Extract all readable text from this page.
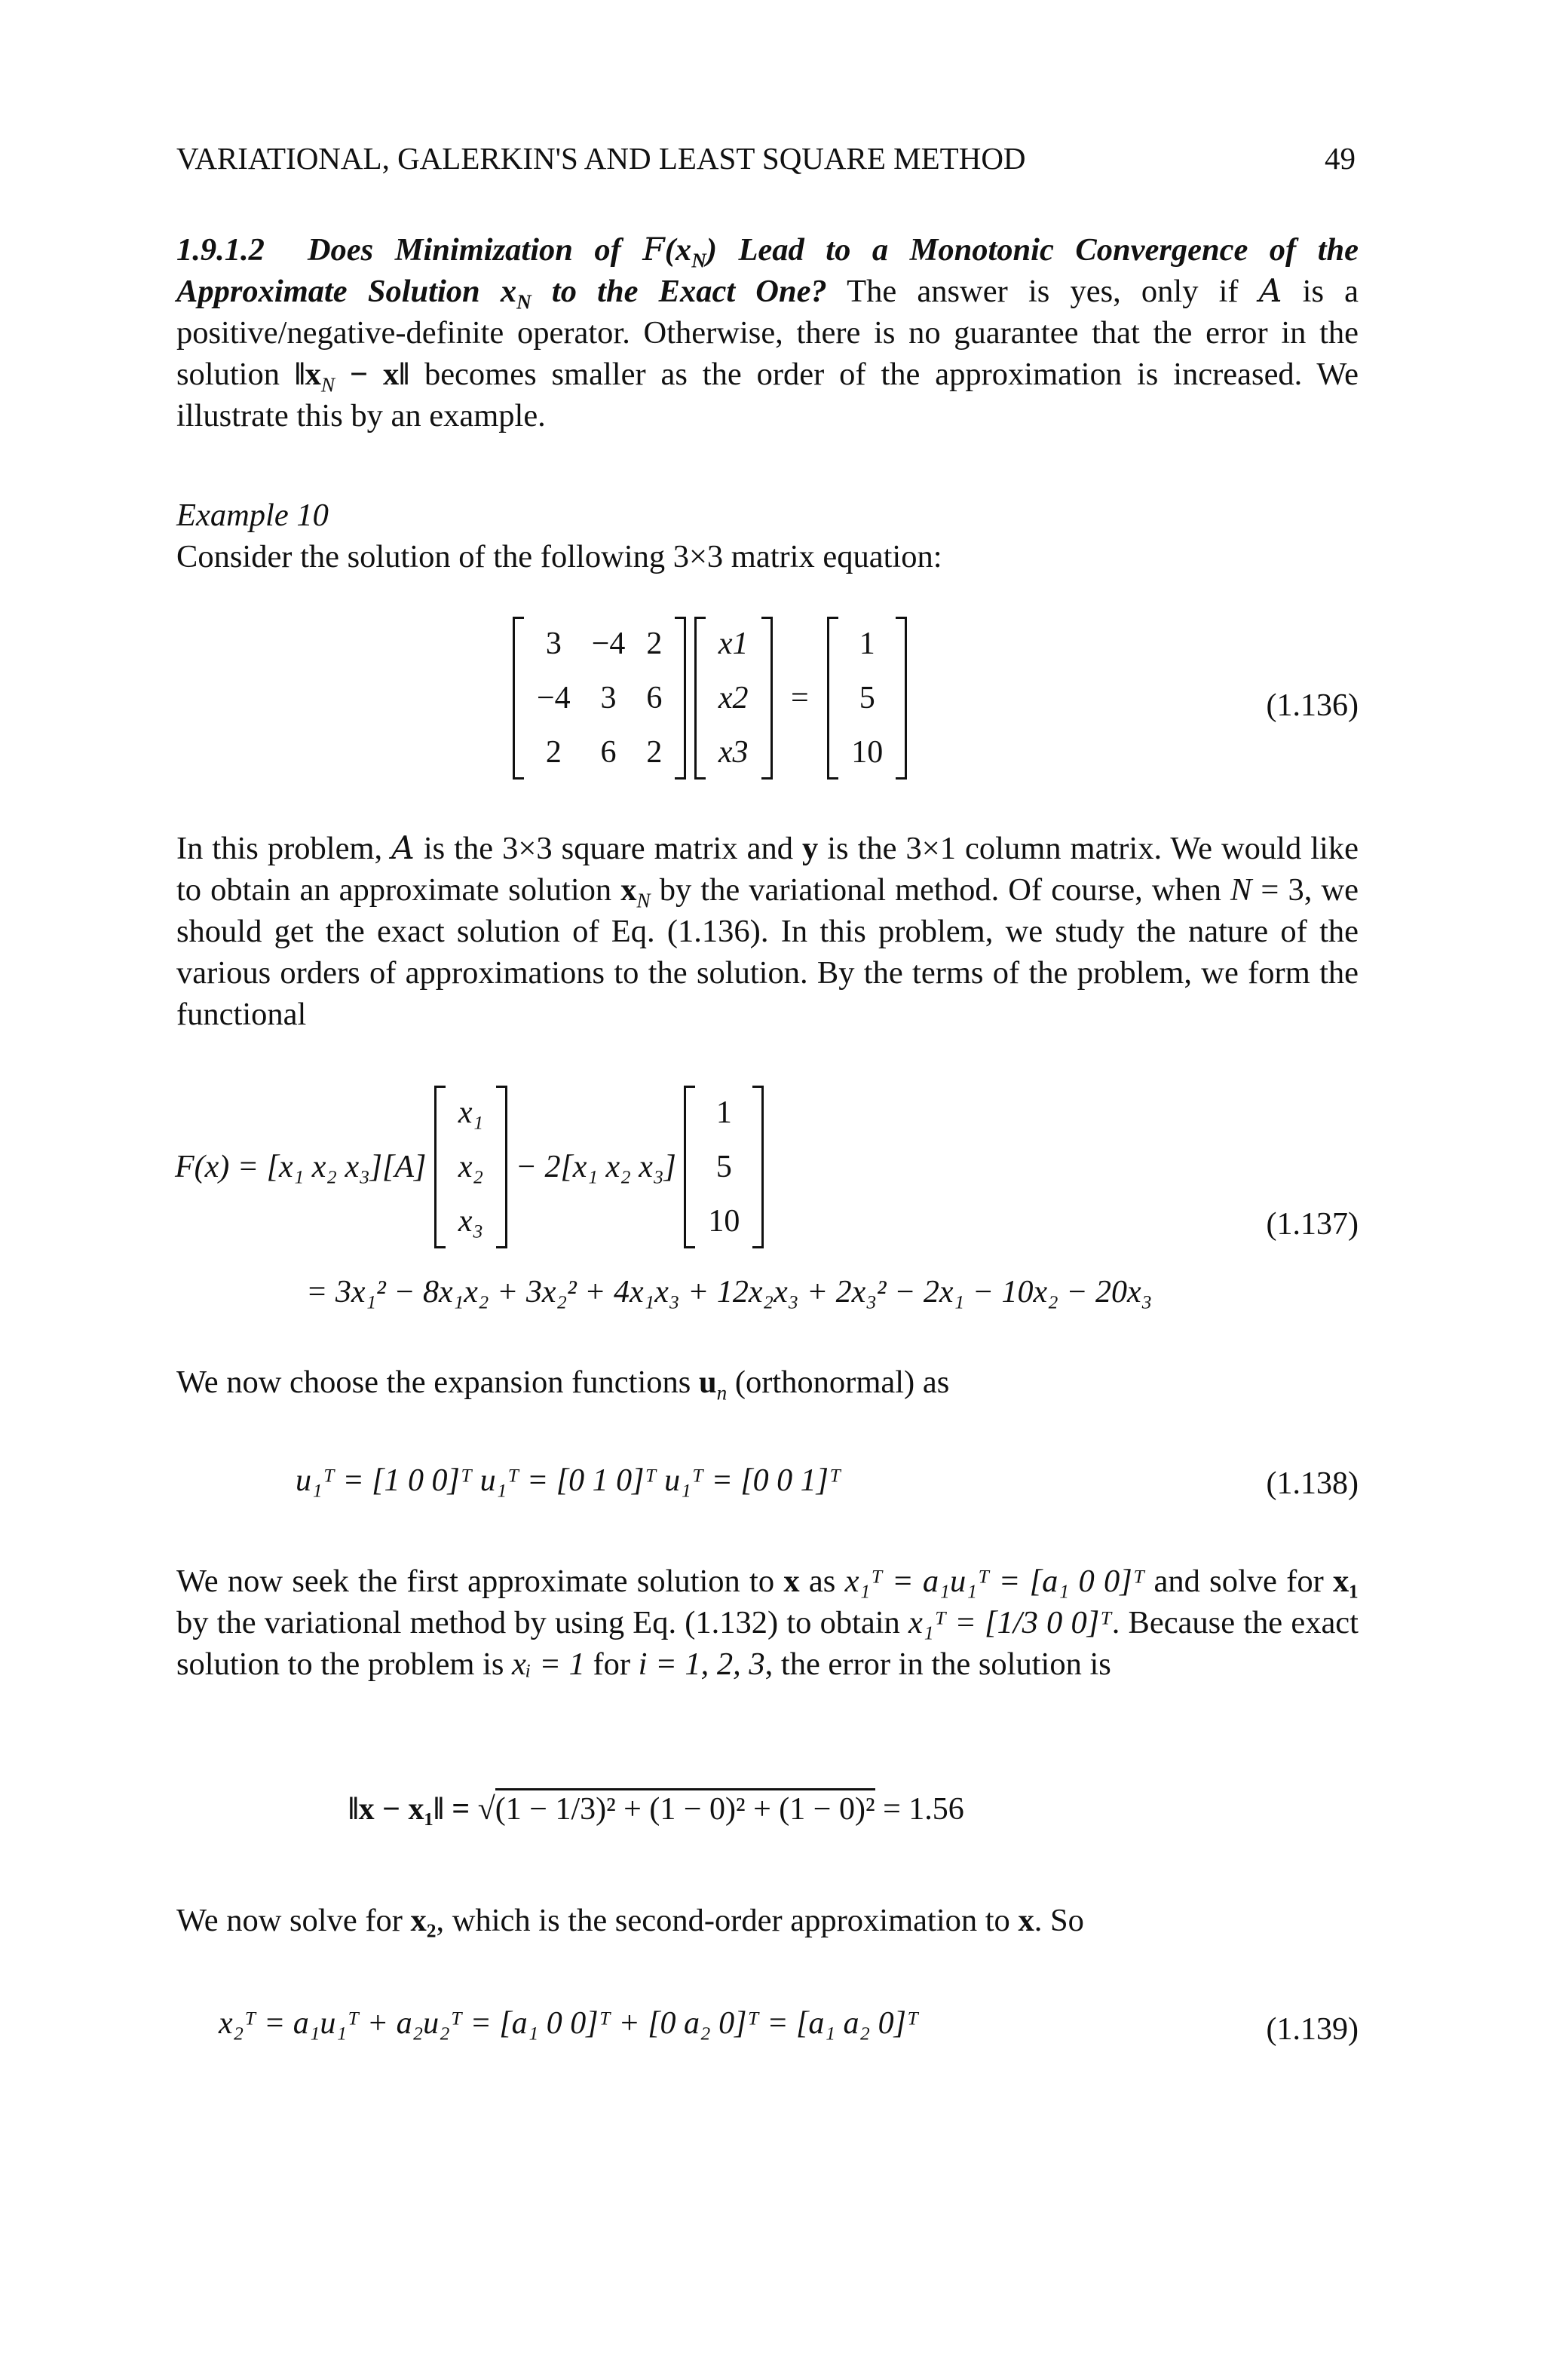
VARIATIONAL, GALERKIN'S AND LEAST SQUARE METHOD	49

1.9.1.2 Does Minimization of $F(x_N)$ Lead to a Monotonic Convergence of the Approximate Solution $x_N$ to the Exact One? The answer is yes, only if A is a positive/negative-definite operator. Otherwise, there is no guarantee that the error in the solution $‖x_N$ − x‖ becomes smaller as the order of the approximation is increased. We illustrate this by an example.

Example 10

Consider the solution of the following 3×3 matrix equation:

3	−4	2
−4	3	6
2	6	2

x1
x2
x3
=
1
5
10
(1.136)

In this problem, A is the 3×3 square matrix and y is the 3×1 column matrix. We would like to obtain an approximate solution $x_N$ by the variational method. Of course, when N = 3, we should get the exact solution of Eq. (1.136). In this problem, we study the nature of the various orders of approximations to the solution. By the terms of the problem, we form the functional

F(x) = [x₁ x₂ x₃][A]
x₁
x₂
x₃
− 2[x₁ x₂ x₃]
1
5
10
= 3x₁² − 8x₁x₂ + 3x₂² + 4x₁x₃ + 12x₂x₃ + 2x₃² − 2x₁ − 10x₂ − 20x₃
(1.137)

We now choose the expansion functions $u_n$ (orthonormal) as

u₁ᵀ = [1 0 0]ᵀ u₁ᵀ = [0 1 0]ᵀ u₁ᵀ = [0 0 1]ᵀ	(1.138)

We now seek the first approximate solution to x as x₁ᵀ = a₁u₁ᵀ = [a₁ 0 0]ᵀ and solve for x₁ by the variational method by using Eq. (1.132) to obtain x₁ᵀ = [1/3 0 0]ᵀ. Because the exact solution to the problem is xᵢ = 1 for i = 1, 2, 3, the error in the solution is

‖x − x₁‖ = √(1 − 1/3)² + (1 − 0)² + (1 − 0)² = 1.56

We now solve for x₂, which is the second-order approximation to x. So

x₂ᵀ = a₁u₁ᵀ + a₂u₂ᵀ = [a₁ 0 0]ᵀ + [0 a₂ 0]ᵀ = [a₁ a₂ 0]ᵀ	(1.139)
